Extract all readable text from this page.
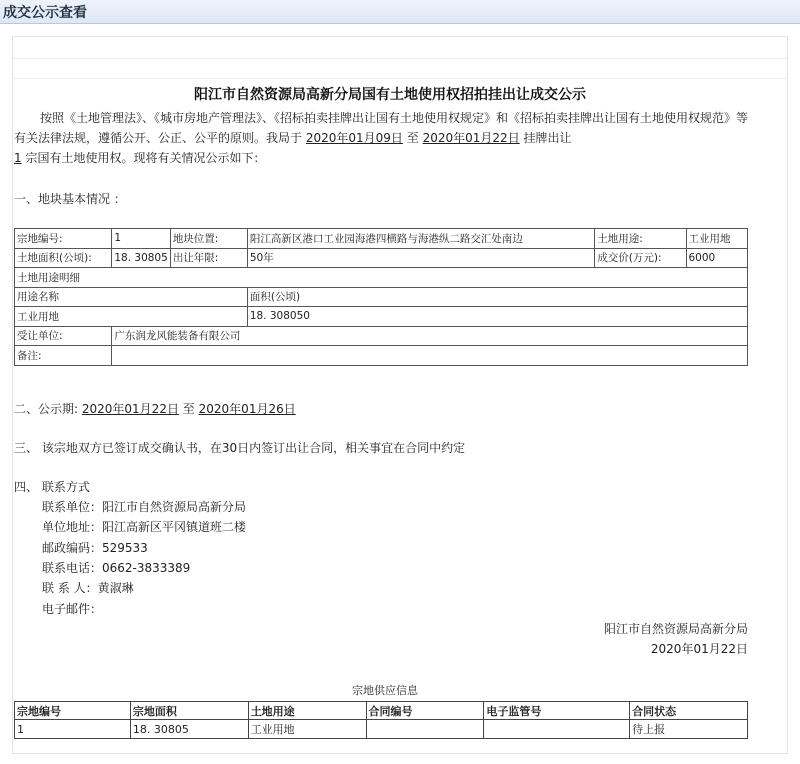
成交公示查看
阳江市自然资源局高新分局国有土地使用权招拍挂出让成交公示
按照《土地管理法》、《城市房地产管理法》、《招标拍卖挂牌出让国有土地使用权规定》和《招标拍卖挂牌出让国有土地使用权规范》等有关法律法规，遵循公开、公正、公平的原则。我局于 2020年01月09日 至 2020年01月22日 挂牌出让
1 宗国有土地使用权。现将有关情况公示如下：
一、地块基本情况 ：
宗地编号:	1	地块位置:	阳江高新区港口工业园海港四横路与海港纵二路交汇处南边	土地用途:	工业用地
土地面积(公顷):	18. 30805	出让年限:	50年	成交价(万元):	6000
土地用途明细					
用途名称			面积(公顷)		
工业用地			18. 308050		
受让单位:	广东润龙风能装备有限公司				
备注:					
二、公示期: 2020年01月22日 至 2020年01月26日
三、 该宗地双方已签订成交确认书，在30日内签订出让合同，相关事宜在合同中约定
四、 联系方式
联系单位：阳江市自然资源局高新分局
单位地址：阳江高新区平冈镇道班二楼
邮政编码：529533
联系电话：0662-3833389
联 系 人：黄淑琳
电子邮件：
阳江市自然资源局高新分局
2020年01月22日
宗地供应信息
宗地编号	宗地面积	土地用途	合同编号	电子监管号	合同状态
1	18. 30805	工业用地			待上报
